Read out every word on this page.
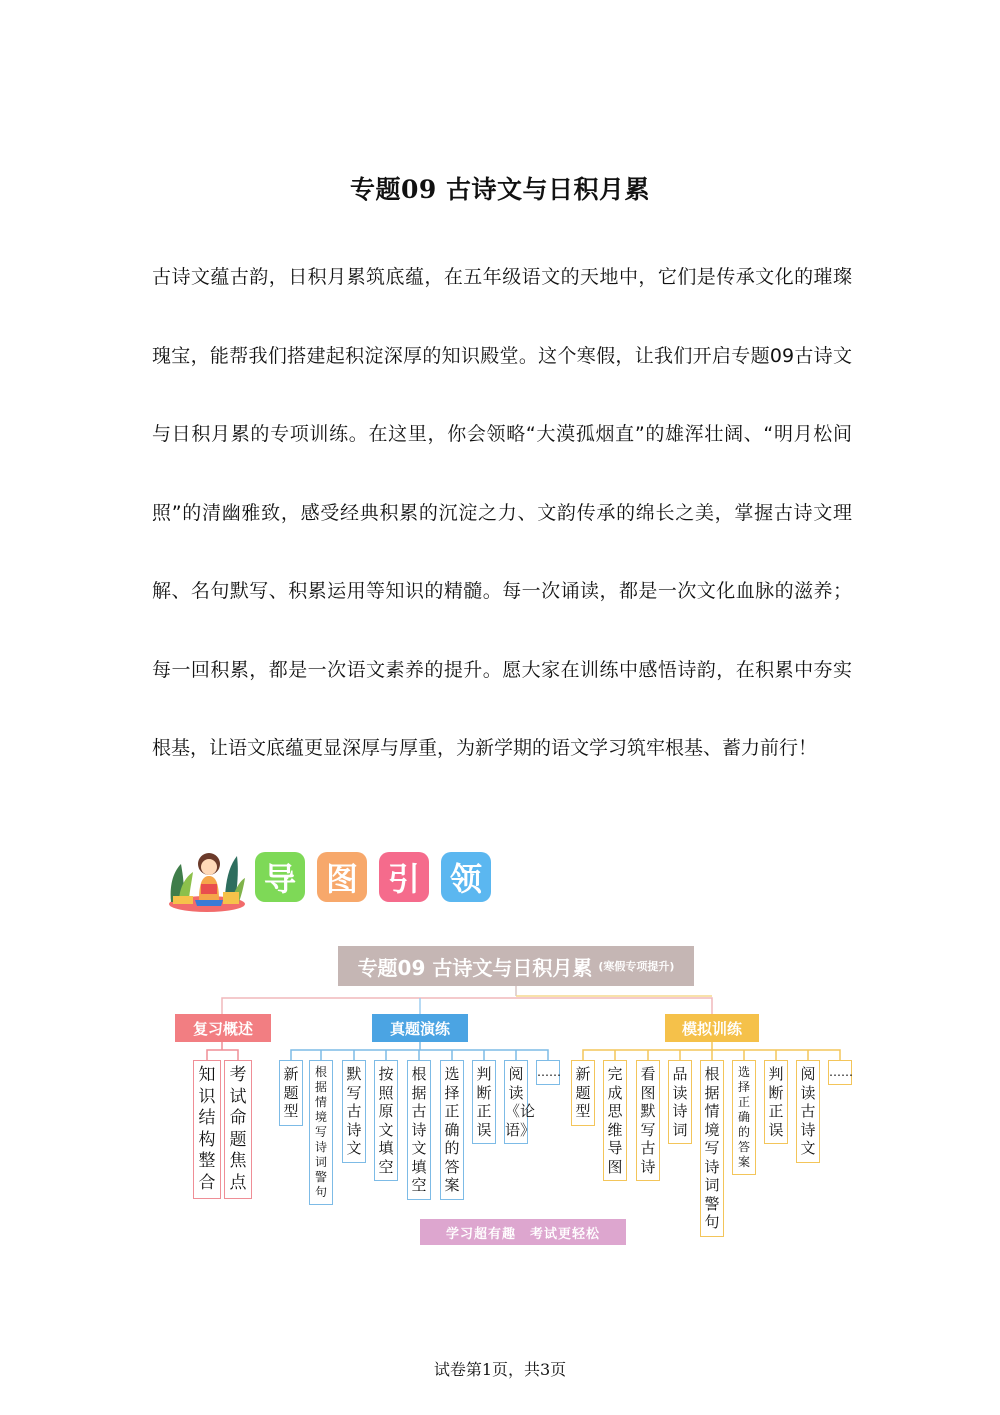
专题09 古诗文与日积月累

古诗文蕴古韵，日积月累筑底蕴，在五年级语文的天地中，它们是传承文化的璀璨瑰宝，能帮我们搭建起积淀深厚的知识殿堂。这个寒假，让我们开启专题09古诗文与日积月累的专项训练。在这里，你会领略“大漠孤烟直”的雄浑壮阔、“明月松间照”的清幽雅致，感受经典积累的沉淀之力、文韵传承的绵长之美，掌握古诗文理解、名句默写、积累运用等知识的精髓。每一次诵读，都是一次文化血脉的滋养；每一回积累，都是一次语文素养的提升。愿大家在训练中感悟诗韵，在积累中夯实根基，让语文底蕴更显深厚与厚重，为新学期的语文学习筑牢根基、蓄力前行！

导 图 引 领
专题09 古诗文与日积月累 (寒假专项提升)
复习概述	真题演练	模拟训练
知识结构整合
考试命题焦点
新题型
根据情境写诗词警句
默写古诗文
按照原文填空
根据古诗文填空
选择正确的答案
判断正误
阅读《论语》
…… 新题型
完成思维导图
看图默写古诗
品读诗词
根据情境写诗词警句
选择正确的答案
判断正误
阅读古诗文
……
学习超有趣　考试更轻松
试卷第1页，共3页
